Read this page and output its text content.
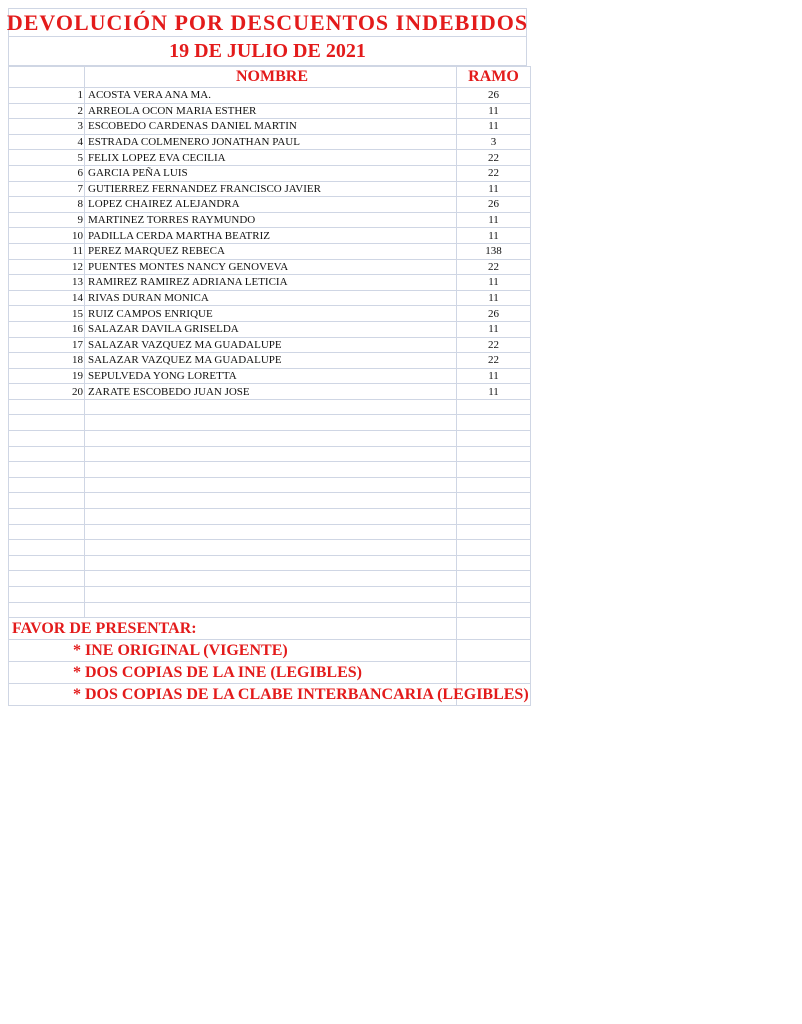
DEVOLUCIÓN POR DESCUENTOS INDEBIDOS
19 DE JULIO DE 2021
	NOMBRE	RAMO
1	ACOSTA VERA ANA MA.	26
2	ARREOLA OCON MARIA ESTHER	11
3	ESCOBEDO CARDENAS DANIEL MARTIN	11
4	ESTRADA COLMENERO JONATHAN PAUL	3
5	FELIX LOPEZ EVA CECILIA	22
6	GARCIA PEÑA LUIS	22
7	GUTIERREZ FERNANDEZ FRANCISCO JAVIER	11
8	LOPEZ CHAIREZ ALEJANDRA	26
9	MARTINEZ TORRES RAYMUNDO	11
10	PADILLA CERDA MARTHA BEATRIZ	11
11	PEREZ MARQUEZ REBECA	138
12	PUENTES MONTES NANCY GENOVEVA	22
13	RAMIREZ RAMIREZ ADRIANA LETICIA	11
14	RIVAS DURAN MONICA	11
15	RUIZ CAMPOS ENRIQUE	26
16	SALAZAR DAVILA GRISELDA	11
17	SALAZAR VAZQUEZ MA GUADALUPE	22
18	SALAZAR VAZQUEZ MA GUADALUPE	22
19	SEPULVEDA YONG LORETTA	11
20	ZARATE ESCOBEDO JUAN JOSE	11

FAVOR DE PRESENTAR:		
* INE ORIGINAL (VIGENTE)		
* DOS COPIAS DE LA INE (LEGIBLES)		
* DOS COPIAS DE LA CLABE INTERBANCARIA (LEGIBLES)		
